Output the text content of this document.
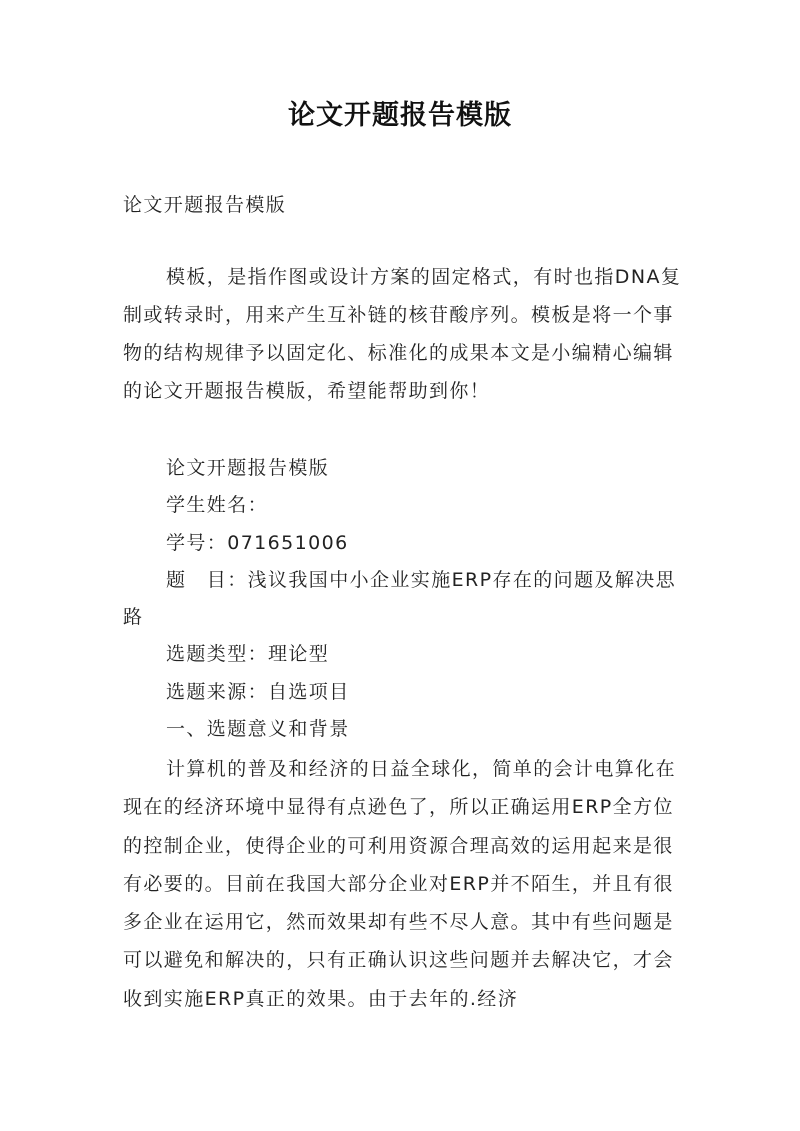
论文开题报告模版
论文开题报告模版

模板，是指作图或设计方案的固定格式，有时也指DNA复制或转录时，用来产生互补链的核苷酸序列。模板是将一个事物的结构规律予以固定化、标准化的成果本文是小编精心编辑的论文开题报告模版，希望能帮助到你！

论文开题报告模版

学生姓名：

学号：071651006

题　目：浅议我国中小企业实施ERP存在的问题及解决思路

选题类型：理论型

选题来源：自选项目

一、选题意义和背景

计算机的普及和经济的日益全球化，简单的会计电算化在现在的经济环境中显得有点逊色了，所以正确运用ERP全方位的控制企业，使得企业的可利用资源合理高效的运用起来是很有必要的。目前在我国大部分企业对ERP并不陌生，并且有很多企业在运用它，然而效果却有些不尽人意。其中有些问题是可以避免和解决的，只有正确认识这些问题并去解决它，才会收到实施ERP真正的效果。由于去年的.经济
